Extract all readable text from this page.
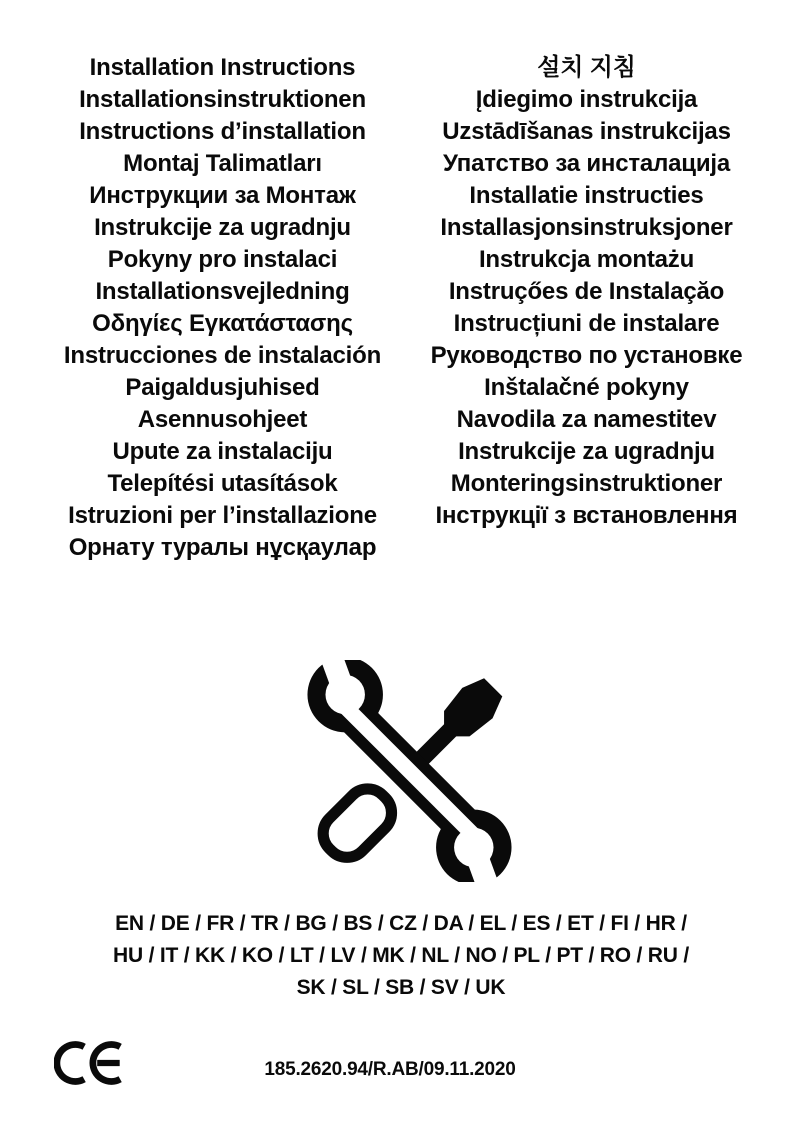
Installation Instructions
Installationsinstruktionen
Instructions d’installation
Montaj Talimatları
Инструкции за Монтаж
Instrukcije za ugradnju
Pokyny pro instalaci
Installationsvejledning
Οδηγίες Εγκατάστασης
Instrucciones de instalación
Paigaldusjuhised
Asennusohjeet
Upute za instalaciju
Telepítési utasítások
Istruzioni per l’installazione
Орнату туралы нұсқаулар
설치 지침
Įdiegimo instrukcija
Uzstādīšanas instrukcijas
Упатство за инсталација
Installatie instructies
Installasjonsinstruksjoner
Instrukcja montażu
Instruçőes de Instalaçăo
Instrucțiuni de instalare
Руководство по установке
Inštalačné pokyny
Navodila za namestitev
Instrukcije za ugradnju
Monteringsinstruktioner
Інструкції з встановлення
EN / DE / FR / TR / BG / BS / CZ / DA / EL / ES / ET / FI / HR /
HU / IT / KK / KO / LT / LV / MK / NL / NO / PL / PT / RO / RU /
SK / SL / SB / SV / UK
185.2620.94/R.AB/09.11.2020
